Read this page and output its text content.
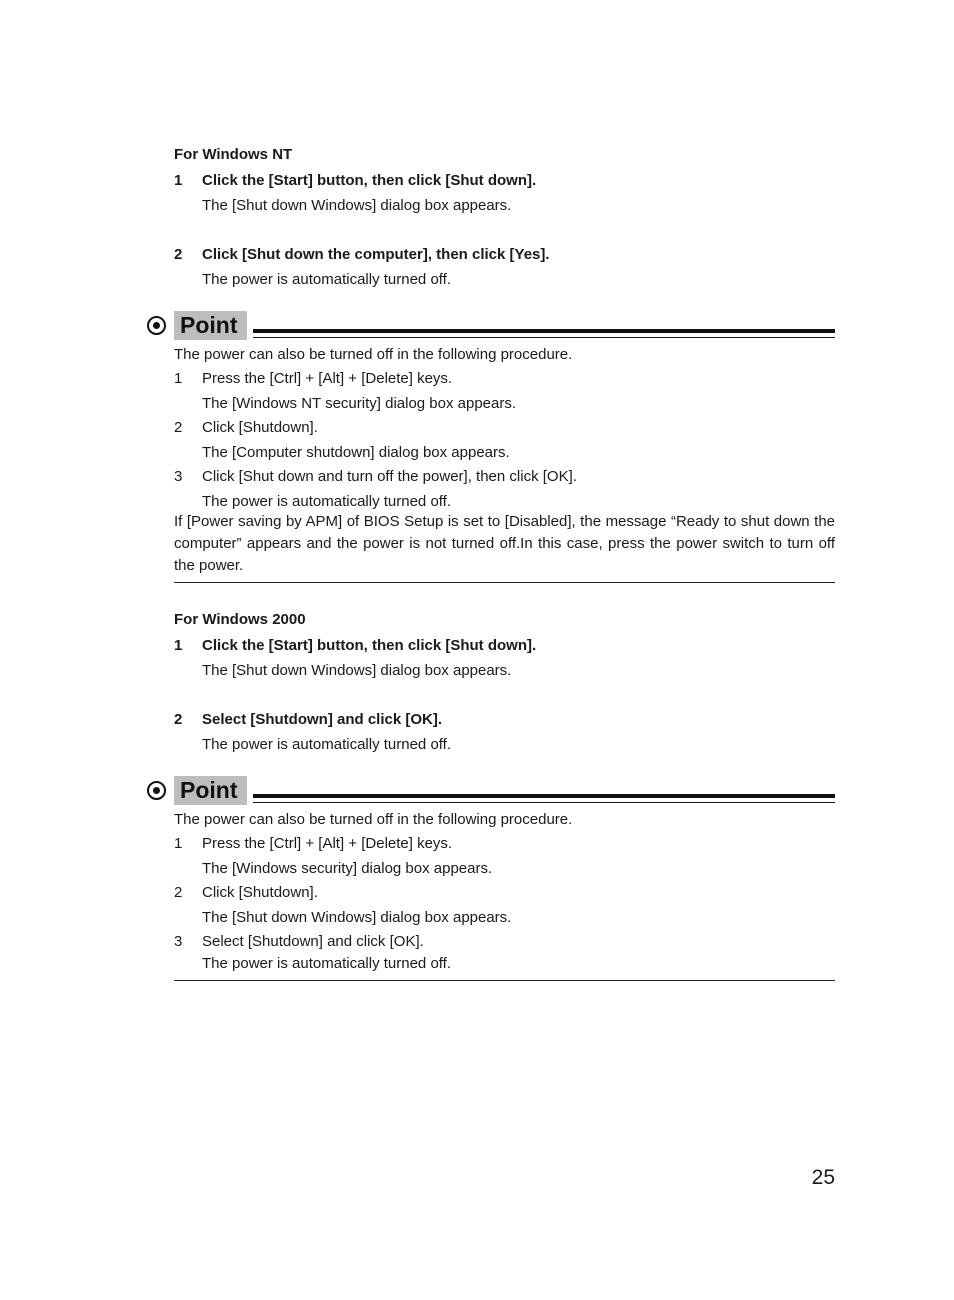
For Windows NT
1 Click the [Start] button, then click [Shut down].
The [Shut down Windows] dialog box appears.
2 Click [Shut down the computer], then click [Yes].
The power is automatically turned off.
Point
The power can also be turned off in the following procedure.
1 Press the [Ctrl] + [Alt] + [Delete] keys.
The [Windows NT security] dialog box appears.
2 Click [Shutdown].
The [Computer shutdown] dialog box appears.
3 Click [Shut down and turn off the power], then click [OK].
The power is automatically turned off.
If [Power saving by APM] of BIOS Setup is set to [Disabled], the message “Ready to shut down the computer” appears and the power is not turned off.In this case, press the power switch to turn off the power.
For Windows 2000
1 Click the [Start] button, then click [Shut down].
The [Shut down Windows] dialog box appears.
2 Select [Shutdown] and click [OK].
The power is automatically turned off.
Point
The power can also be turned off in the following procedure.
1 Press the [Ctrl] + [Alt] + [Delete] keys.
The [Windows security] dialog box appears.
2 Click [Shutdown].
The [Shut down Windows] dialog box appears.
3 Select [Shutdown] and click [OK].
The power is automatically turned off.
25
